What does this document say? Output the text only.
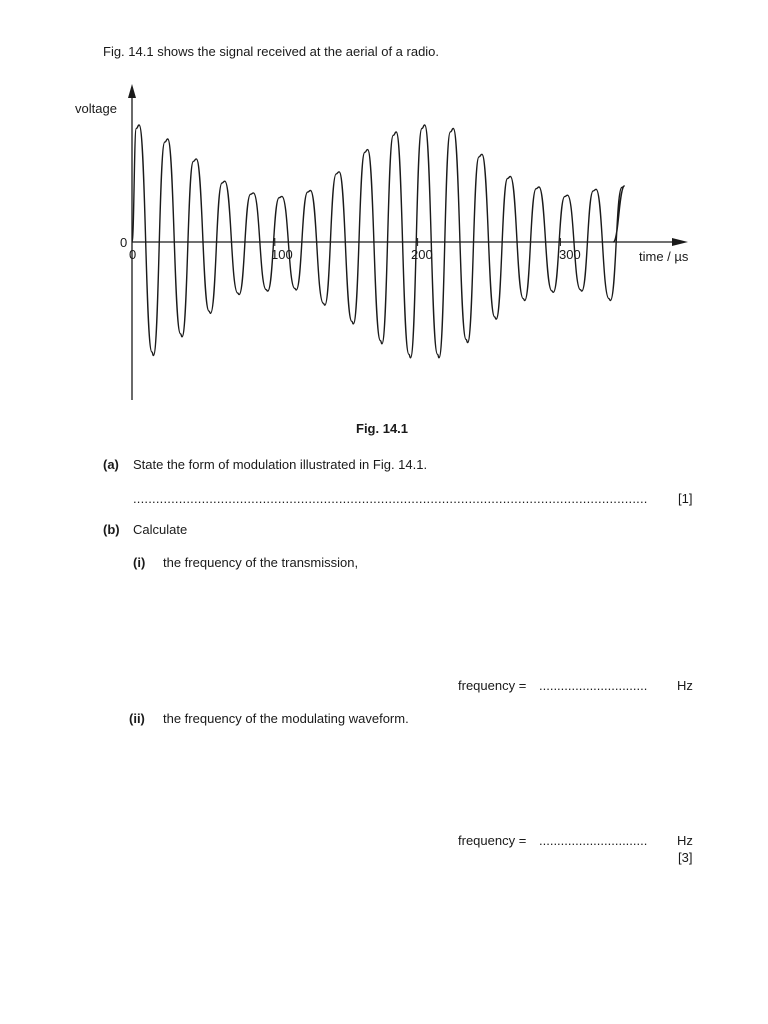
Fig. 14.1 shows the signal received at the aerial of a radio.
voltage
0
0	100	200	300	time / µs
Fig. 14.1
(a) State the form of modulation illustrated in Fig. 14.1.
.......................................................................................................................................	[1]
(b) Calculate
(i) the frequency of the transmission,
frequency = .............................. Hz
(ii) the frequency of the modulating waveform.
frequency = .............................. Hz
[3]
